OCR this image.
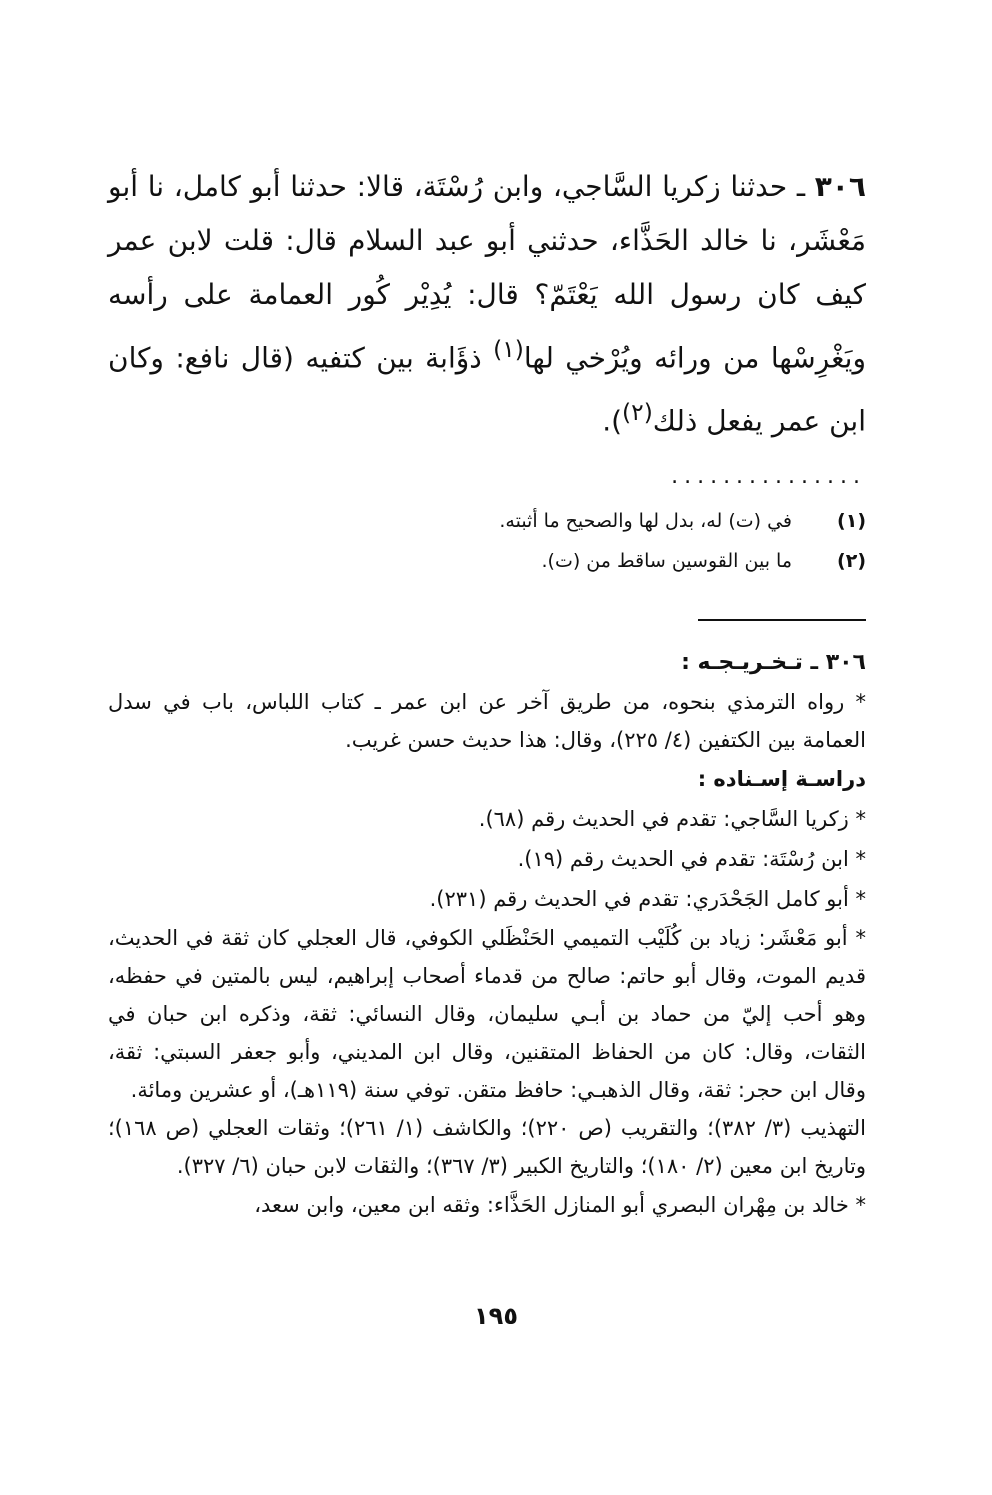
٣٠٦ ـ حدثنا زكريا السَّاجي، وابن رُسْتَة، قالا: حدثنا أبو كامل، نا أبو مَعْشَر، نا خالد الحَذَّاء، حدثني أبو عبد السلام قال: قلت لابن عمر كيف كان رسول الله يَعْتَمّ؟ قال: يُدِيْر كُور العمامة على رأسه ويَغْرِسْها من ورائه ويُرْخي لها$^{(١)}$ ذؤَابة بين كتفيه (قال نافع: وكان ابن عمر يفعل ذلك$^{(٢)}$).

...............
(١)
في (ت) له، بدل لها والصحيح ما أثبته.
(٢)
ما بين القوسين ساقط من (ت).
٣٠٦ ـ تـخـريـجـه :

* رواه الترمذي بنحوه، من طريق آخر عن ابن عمر ـ كتاب اللباس، باب في سدل العمامة بين الكتفين (٤/ ٢٢٥)، وقال: هذا حديث حسن غريب.

دراسـة إسـناده :

* زكريا السَّاجي: تقدم في الحديث رقم (٦٨).

* ابن رُسْتَة: تقدم في الحديث رقم (١٩).

* أبو كامل الجَحْدَري: تقدم في الحديث رقم (٢٣١).

* أبو مَعْشَر: زياد بن كُلَيْب التميمي الحَنْظَلي الكوفي، قال العجلي كان ثقة في الحديث، قديم الموت، وقال أبو حاتم: صالح من قدماء أصحاب إبراهيم، ليس بالمتين في حفظه، وهو أحب إليّ من حماد بن أبـي سليمان، وقال النسائي: ثقة، وذكره ابن حبان في الثقات، وقال: كان من الحفاظ المتقنين، وقال ابن المديني، وأبو جعفر السبتي: ثقة، وقال ابن حجر: ثقة، وقال الذهبـي: حافظ متقن. توفي سنة (١١٩هـ)، أو عشرين ومائة.

التهذيب (٣/ ٣٨٢)؛ والتقريب (ص ٢٢٠)؛ والكاشف (١/ ٢٦١)؛ وثقات العجلي (ص ١٦٨)؛ وتاريخ ابن معين (٢/ ١٨٠)؛ والتاريخ الكبير (٣/ ٣٦٧)؛ والثقات لابن حبان (٦/ ٣٢٧).

* خالد بن مِهْران البصري أبو المنازل الحَذَّاء: وثقه ابن معين، وابن سعد،

١٩٥
